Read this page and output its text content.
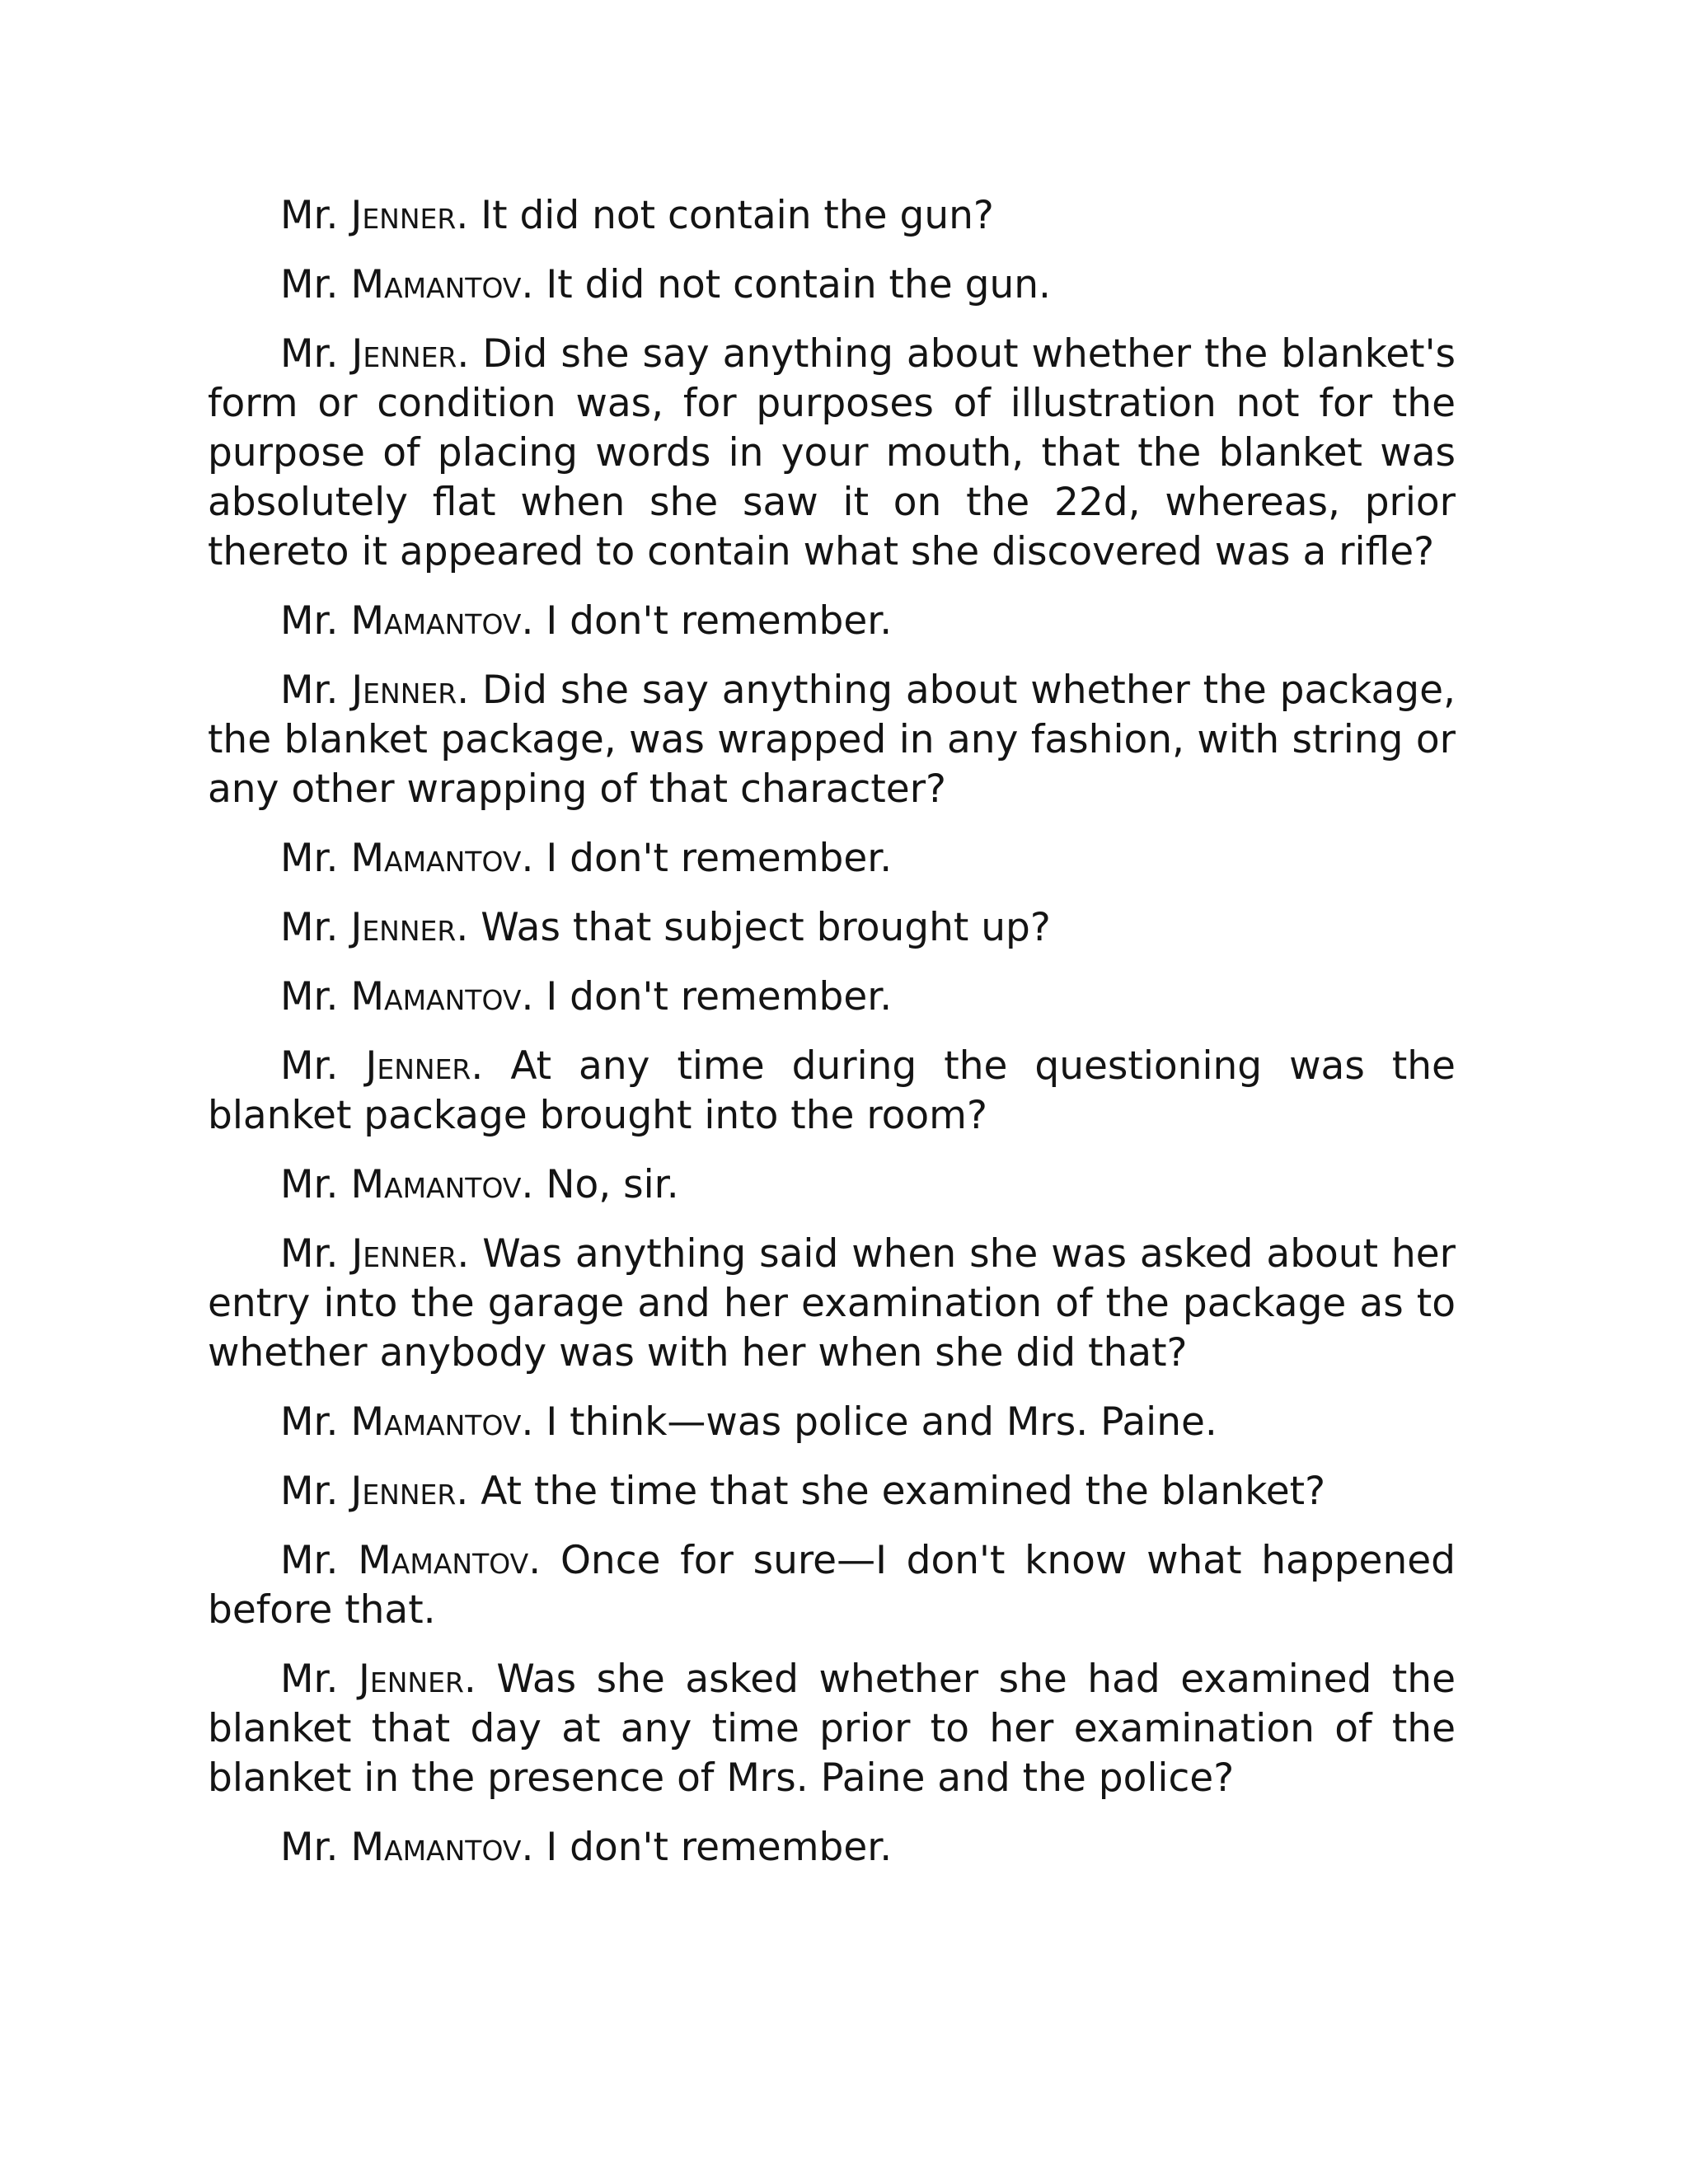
Mr. Jenner. It did not contain the gun?

Mr. Mamantov. It did not contain the gun.

Mr. Jenner. Did she say anything about whether the blanket's form or condition was, for purposes of illustration not for the purpose of placing words in your mouth, that the blanket was absolutely flat when she saw it on the 22d, whereas, prior thereto it appeared to contain what she discovered was a rifle?

Mr. Mamantov. I don't remember.

Mr. Jenner. Did she say anything about whether the package, the blanket package, was wrapped in any fashion, with string or any other wrapping of that character?

Mr. Mamantov. I don't remember.

Mr. Jenner. Was that subject brought up?

Mr. Mamantov. I don't remember.

Mr. Jenner. At any time during the questioning was the blanket package brought into the room?

Mr. Mamantov. No, sir.

Mr. Jenner. Was anything said when she was asked about her entry into the garage and her examination of the package as to whether anybody was with her when she did that?

Mr. Mamantov. I think—was police and Mrs. Paine.

Mr. Jenner. At the time that she examined the blanket?

Mr. Mamantov. Once for sure—I don't know what happened before that.

Mr. Jenner. Was she asked whether she had examined the blanket that day at any time prior to her examination of the blanket in the presence of Mrs. Paine and the police?

Mr. Mamantov. I don't remember.
